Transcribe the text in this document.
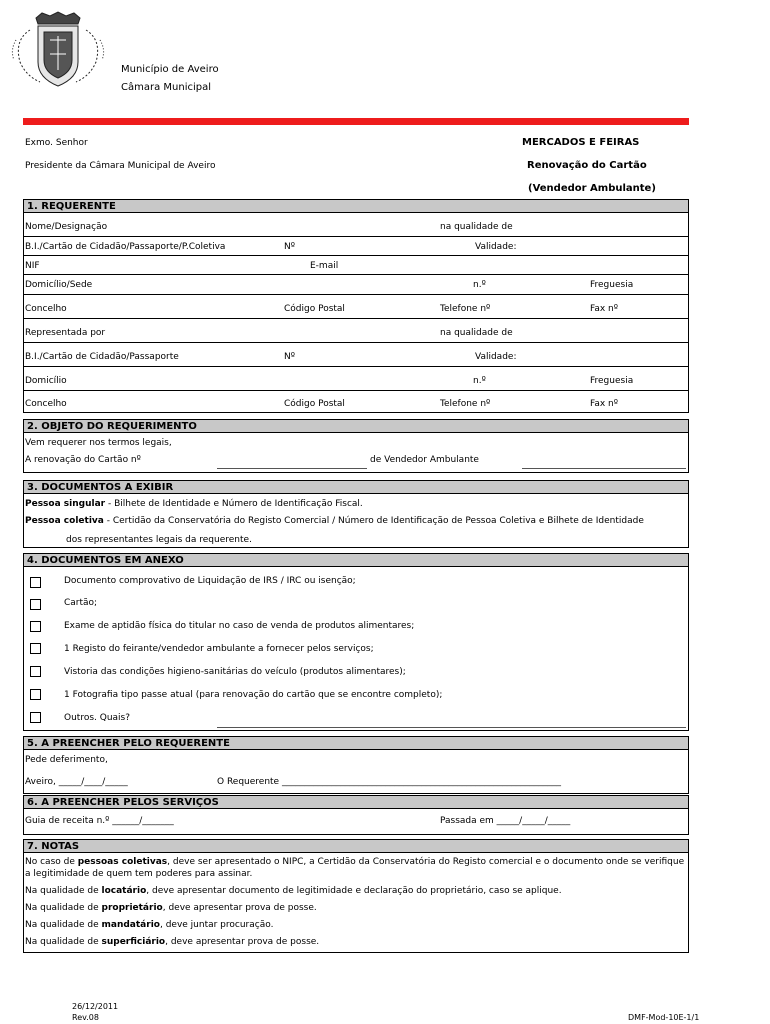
Município de Aveiro
Câmara Municipal
Exmo. Senhor
Presidente da Câmara Municipal de Aveiro
MERCADOS E FEIRAS
Renovação do Cartão
(Vendedor Ambulante)
1. REQUERENTE
Nome/Designação	na qualidade de
B.I./Cartão de Cidadão/Passaporte/P.Coletiva	Nº	Validade:
NIF	E-mail
Domicílio/Sede	n.º	Freguesia
Concelho	Código Postal	Telefone nº	Fax nº
Representada por	na qualidade de
B.I./Cartão de Cidadão/Passaporte	Nº	Validade:
Domicílio	n.º	Freguesia
Concelho	Código Postal	Telefone nº	Fax nº
2. OBJETO DO REQUERIMENTO
Vem requerer nos termos legais,
A renovação do Cartão nº	de Vendedor Ambulante
3. DOCUMENTOS A EXIBIR
Pessoa singular - Bilhete de Identidade e Número de Identificação Fiscal.
Pessoa coletiva - Certidão da Conservatória do Registo Comercial / Número de Identificação de Pessoa Coletiva e Bilhete de Identidade
dos representantes legais da requerente.
4. DOCUMENTOS EM ANEXO
Documento comprovativo de Liquidação de IRS / IRC ou isenção;
Cartão;
Exame de aptidão física do titular no caso de venda de produtos alimentares;
1 Registo do feirante/vendedor ambulante a fornecer pelos serviços;
Vistoria das condições higieno-sanitárias do veículo (produtos alimentares);
1 Fotografia tipo passe atual (para renovação do cartão que se encontre completo);
Outros. Quais?
5. A PREENCHER PELO REQUERENTE
Pede deferimento,
Aveiro, _____/____/_____	O Requerente ______________________________________________________________
6. A PREENCHER PELOS SERVIÇOS
Guia de receita n.º ______/_______	Passada em _____/_____/_____
7. NOTAS
No caso de pessoas coletivas, deve ser apresentado o NIPC, a Certidão da Conservatória do Registo comercial e o documento onde se verifique a legitimidade de quem tem poderes para assinar.
Na qualidade de locatário, deve apresentar documento de legitimidade e declaração do proprietário, caso se aplique.
Na qualidade de proprietário, deve apresentar prova de posse.
Na qualidade de mandatário, deve juntar procuração.
Na qualidade de superficiário, deve apresentar prova de posse.
26/12/2011
Rev.08	DMF-Mod-10E-1/1
